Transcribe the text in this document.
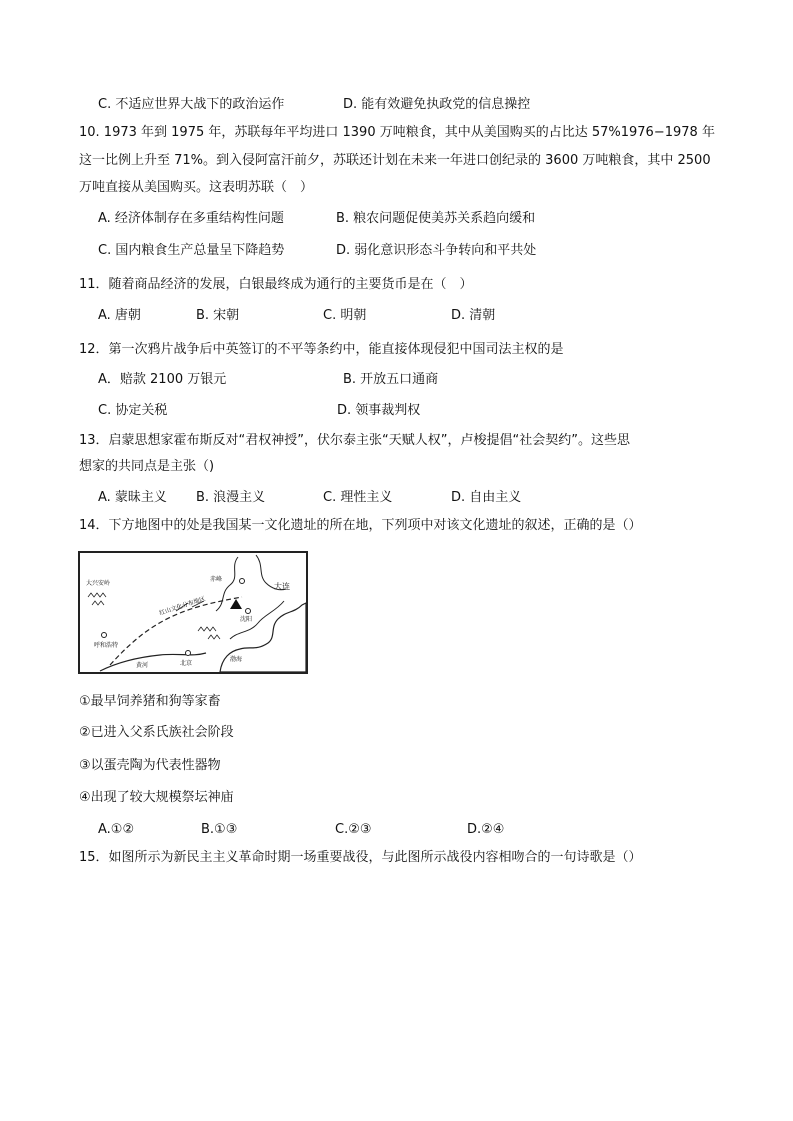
C. 不适应世界大战下的政治运作	D. 能有效避免执政党的信息操控
10. 1973 年到 1975 年，苏联每年平均进口 1390 万吨粮食，其中从美国购买的占比达 57%1976−1978 年
这一比例上升至 71%。到入侵阿富汗前夕，苏联还计划在未来一年进口创纪录的 3600 万吨粮食，其中 2500
万吨直接从美国购买。这表明苏联（　）
A. 经济体制存在多重结构性问题	B. 粮农问题促使美苏关系趋向缓和
C. 国内粮食生产总量呈下降趋势	D. 弱化意识形态斗争转向和平共处
11．随着商品经济的发展，白银最终成为通行的主要货币是在（　）
A. 唐朝	B. 宋朝	C. 明朝	D. 清朝
12．第一次鸦片战争后中英签订的不平等条约中，能直接体现侵犯中国司法主权的是
A．赔款 2100 万银元	B. 开放五口通商
C. 协定关税	D. 领事裁判权
13．启蒙思想家霍布斯反对“君权神授”，伏尔泰主张“天赋人权”，卢梭提倡“社会契约”。这些思
想家的共同点是主张（)
A. 蒙昧主义 B. 浪漫主义	C. 理性主义	D. 自由主义
14．下方地图中的处是我国某一文化遗址的所在地，下列项中对该文化遗址的叙述，正确的是（）
大兴安岭
呼和浩特
红山文化分布地区
赤峰
沈阳
大连
北京
渤海
黄河
①最早饲养猪和狗等家畜
②已进入父系氏族社会阶段
③以蛋壳陶为代表性器物
④出现了较大规模祭坛神庙
A.①②	B.①③	C.②③	D.②④
15．如图所示为新民主主义革命时期一场重要战役，与此图所示战役内容相吻合的一句诗歌是（）
